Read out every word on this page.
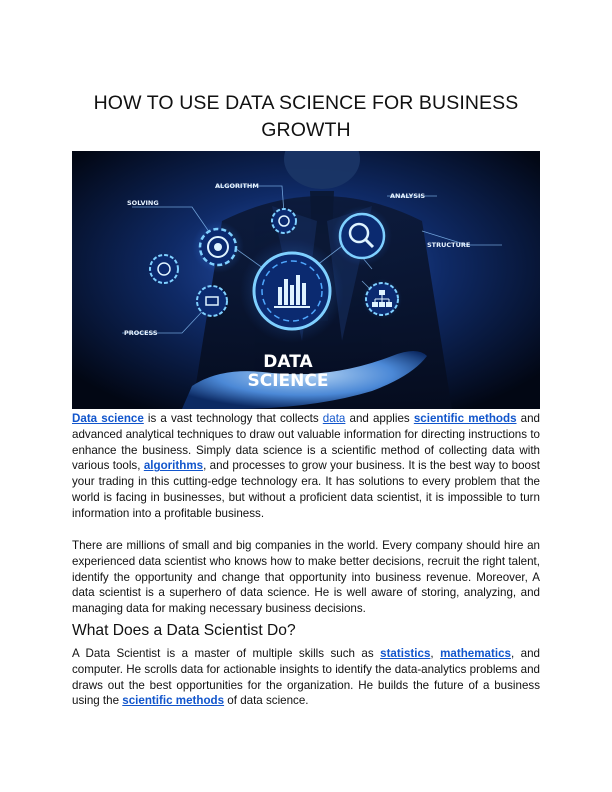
HOW TO USE DATA SCIENCE FOR BUSINESS GROWTH
DATA
SCIENCE
SOLVING
ALGORITHM
ANALYSIS
STRUCTURE
PROCESS

Data science is a vast technology that collects data and applies scientific methods and advanced analytical techniques to draw out valuable information for directing instructions to enhance the business. Simply data science is a scientific method of collecting data with various tools, algorithms, and processes to grow your business. It is the best way to boost your trading in this cutting-edge technology era. It has solutions to every problem that the world is facing in businesses, but without a proficient data scientist, it is impossible to turn information into a profitable business.

There are millions of small and big companies in the world. Every company should hire an experienced data scientist who knows how to make better decisions, recruit the right talent, identify the opportunity and change that opportunity into business revenue. Moreover, A data scientist is a superhero of data science. He is well aware of storing, analyzing, and managing data for making necessary business decisions.

What Does a Data Scientist Do?

A Data Scientist is a master of multiple skills such as statistics, mathematics, and computer. He scrolls data for actionable insights to identify the data-analytics problems and draws out the best opportunities for the organization. He builds the future of a business using the scientific methods of data science.
